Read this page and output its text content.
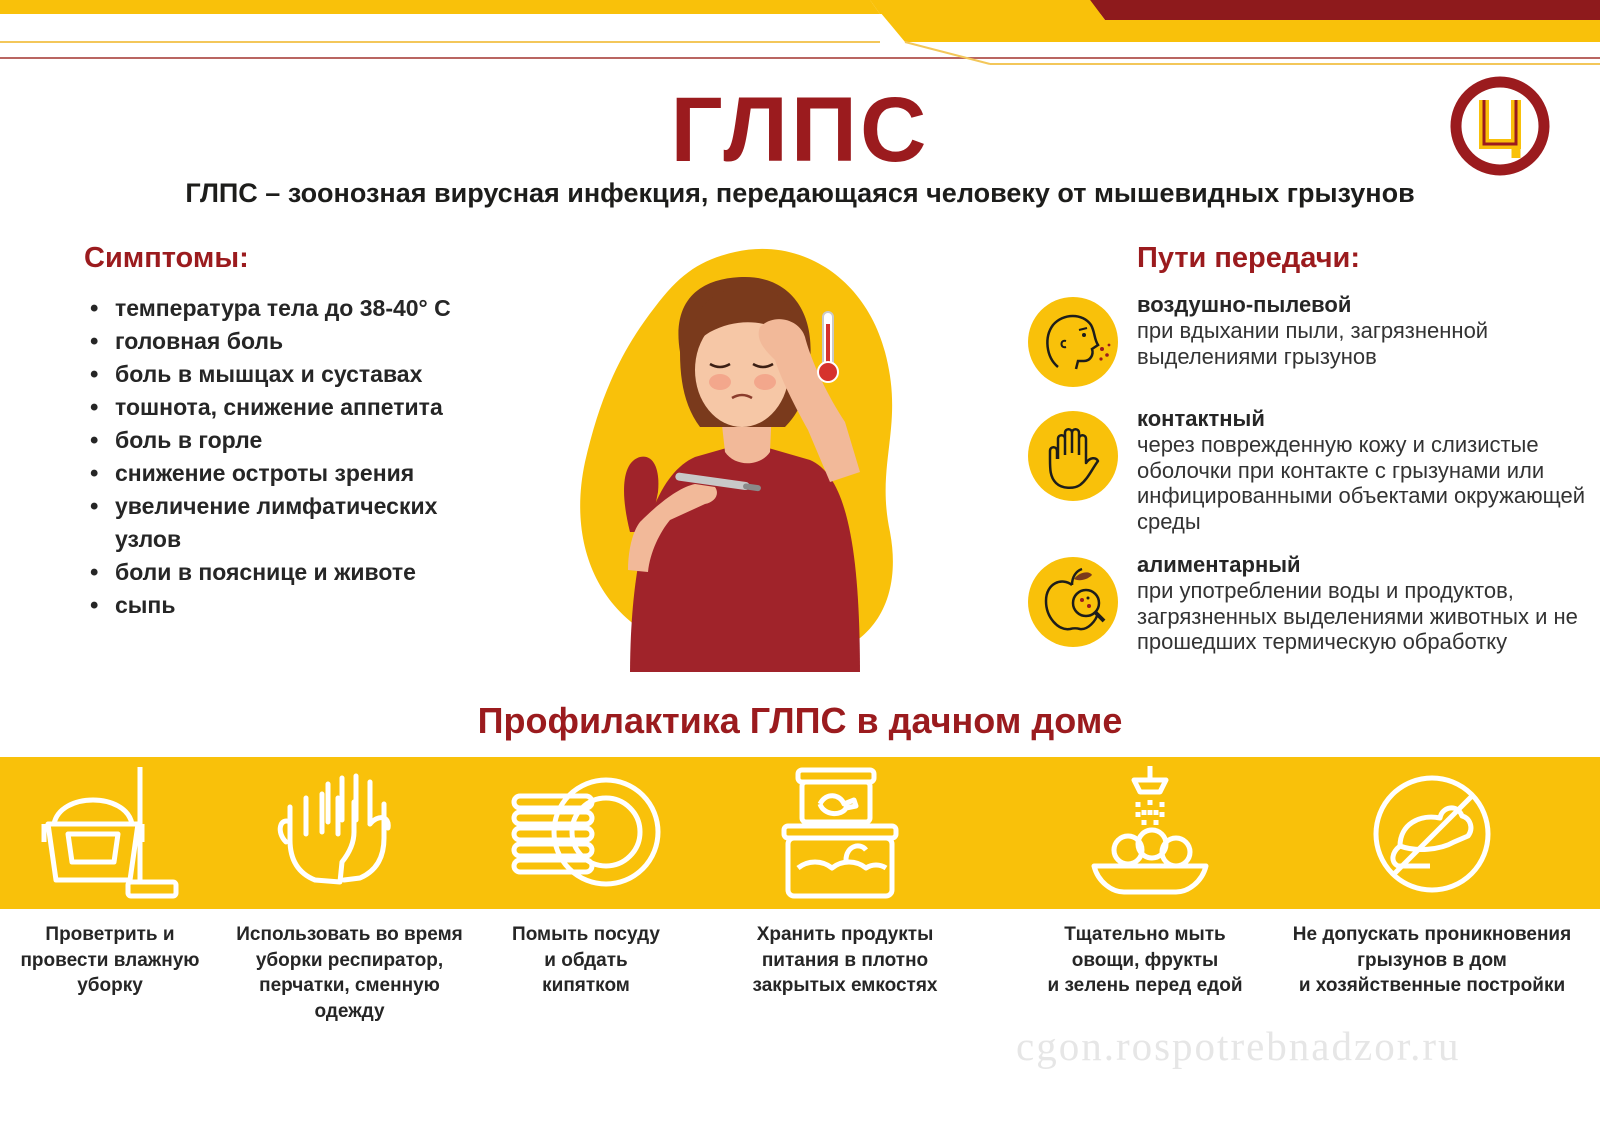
ГЛПС
ГЛПС – зоонозная вирусная инфекция, передающаяся человеку от мышевидных грызунов
Симптомы:
• температура тела до 38-40° С
• головная боль
• боль в мышцах и суставах
• тошнота, снижение аппетита
• боль в горле
• снижение остроты зрения
• увеличение лимфатических узлов
• боли в пояснице и животе
• сыпь
Пути передачи:
воздушно-пылевой
при вдыхании пыли, загрязненной выделениями грызунов
контактный
через поврежденную кожу и слизистые оболочки при контакте с грызунами или инфицированными объектами окружающей среды
алиментарный
при употреблении воды и продуктов, загрязненных выделениями животных и не прошедших термическую обработку
Профилактика ГЛПС в дачном доме
Проветрить и
провести влажную
уборку
Использовать во время
уборки респиратор,
перчатки, сменную одежду
Помыть посуду
и обдать
кипятком
Хранить продукты
питания в плотно
закрытых емкостях
Тщательно мыть
овощи, фрукты
и зелень перед едой
Не допускать проникновения
грызунов в дом
и хозяйственные постройки
cgon.rospotrebnadzor.ru
